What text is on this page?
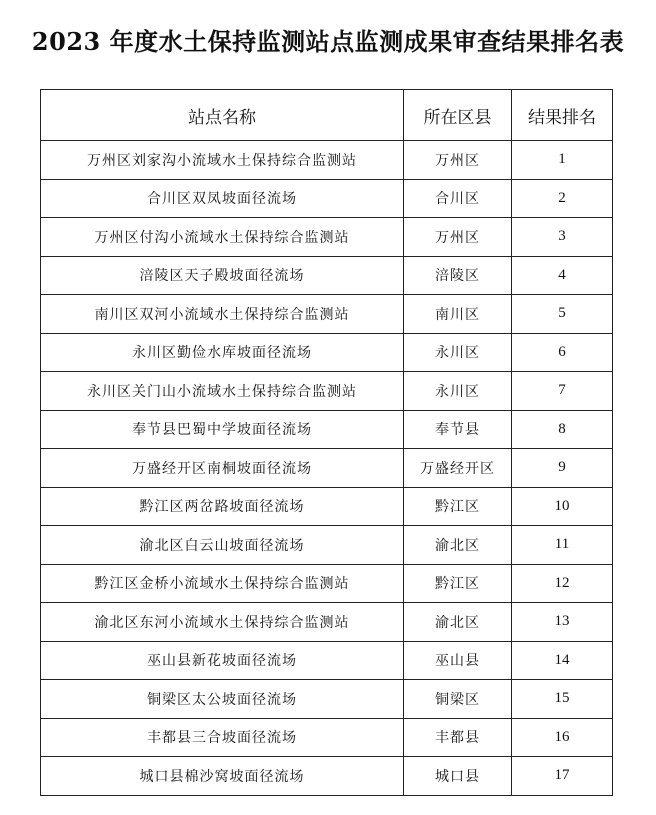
2023 年度水土保持监测站点监测成果审查结果排名表
站点名称	所在区县	结果排名
万州区刘家沟小流域水土保持综合监测站	万州区	1
合川区双凤坡面径流场	合川区	2
万州区付沟小流域水土保持综合监测站	万州区	3
涪陵区天子殿坡面径流场	涪陵区	4
南川区双河小流域水土保持综合监测站	南川区	5
永川区勤俭水库坡面径流场	永川区	6
永川区关门山小流域水土保持综合监测站	永川区	7
奉节县巴蜀中学坡面径流场	奉节县	8
万盛经开区南桐坡面径流场	万盛经开区	9
黔江区两岔路坡面径流场	黔江区	10
渝北区白云山坡面径流场	渝北区	11
黔江区金桥小流域水土保持综合监测站	黔江区	12
渝北区东河小流域水土保持综合监测站	渝北区	13
巫山县新花坡面径流场	巫山县	14
铜梁区太公坡面径流场	铜梁区	15
丰都县三合坡面径流场	丰都县	16
城口县棉沙窝坡面径流场	城口县	17
